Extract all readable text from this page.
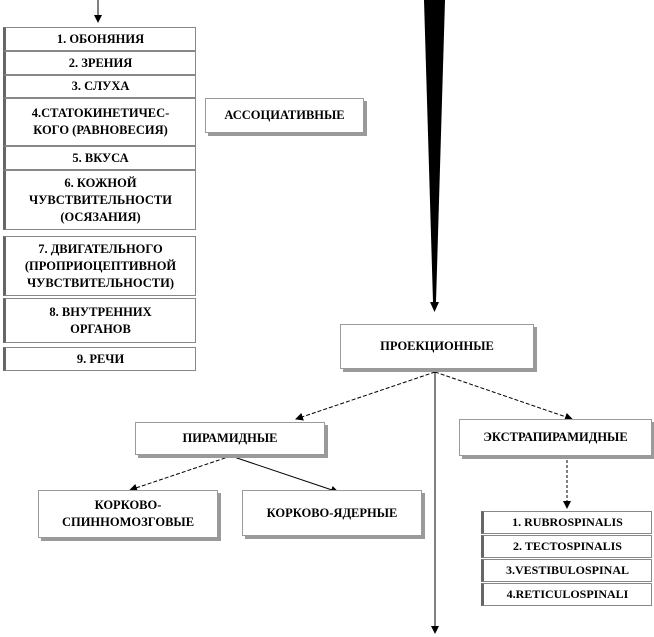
1. ОБОНЯНИЯ
2. ЗРЕНИЯ
3. СЛУХА
4.СТАТОКИНЕТИЧЕС-
КОГО (РАВНОВЕСИЯ)
5. ВКУСА
6. КОЖНОЙ
ЧУВСТВИТЕЛЬНОСТИ
(ОСЯЗАНИЯ)
7. ДВИГАТЕЛЬНОГО
(ПРОПРИОЦЕПТИВНОЙ
ЧУВСТВИТЕЛЬНОСТИ)
8. ВНУТРЕННИХ
ОРГАНОВ
9. РЕЧИ
АССОЦИАТИВНЫЕ
ПРОЕКЦИОННЫЕ
ПИРАМИДНЫЕ	ЭКСТРАПИРАМИДНЫЕ
КОРКОВО-
СПИННОМОЗГОВЫЕ
КОРКОВО-ЯДЕРНЫЕ
1. RUBROSPINALIS
2. TECTOSPINALIS
3.VESTIBULOSPINAL
4.RETICULOSPINALI
